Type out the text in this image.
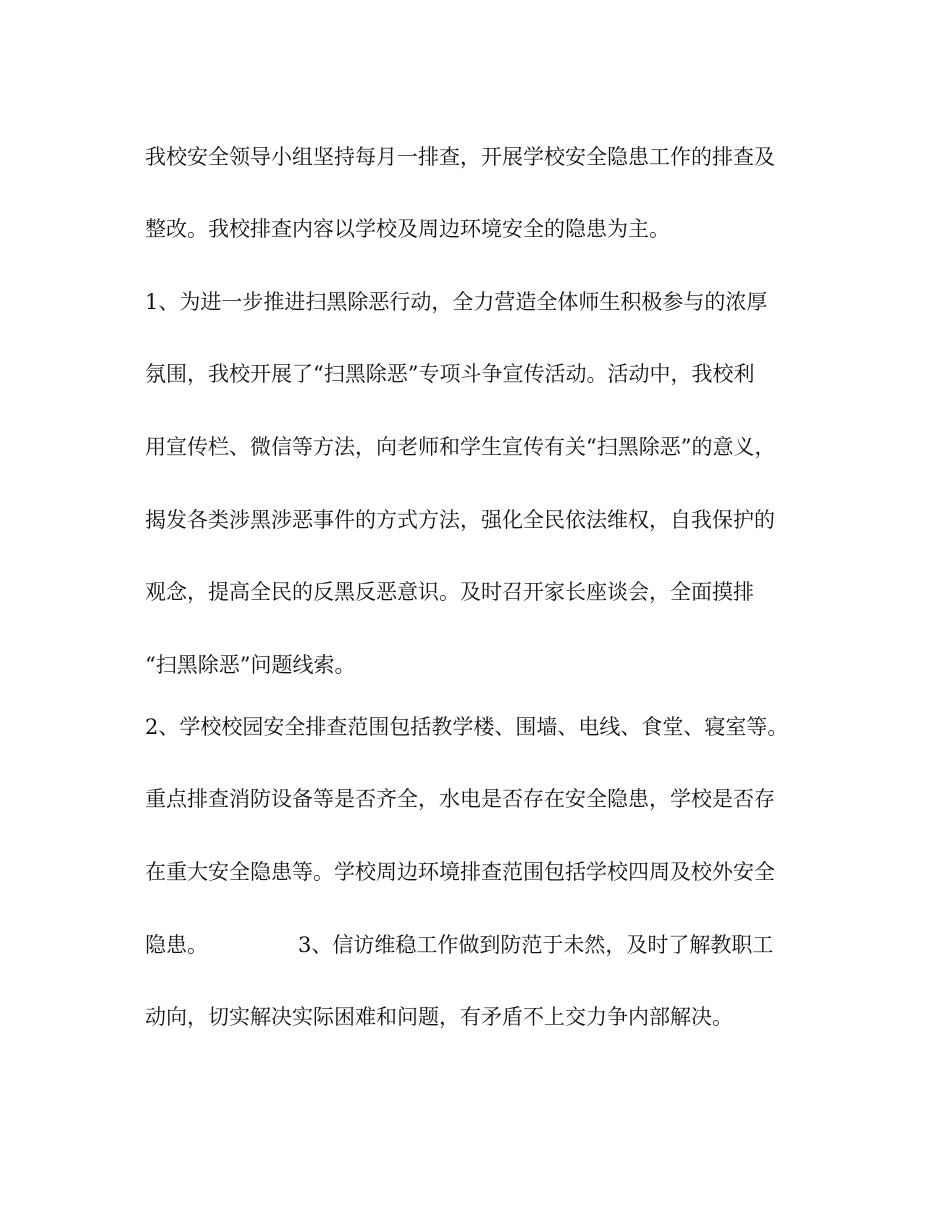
我校安全领导小组坚持每月一排查，开展学校安全隐患工作的排查及
整改。我校排查内容以学校及周边环境安全的隐患为主。
1、为进一步推进扫黑除恶行动，全力营造全体师生积极参与的浓厚
氛围，我校开展了“扫黑除恶”专项斗争宣传活动。活动中，我校利
用宣传栏、微信等方法，向老师和学生宣传有关“扫黑除恶”的意义，
揭发各类涉黑涉恶事件的方式方法，强化全民依法维权，自我保护的
观念，提高全民的反黑反恶意识。及时召开家长座谈会，全面摸排
“扫黑除恶”问题线索。
2、学校校园安全排查范围包括教学楼、围墙、电线、食堂、寝室等。
重点排查消防设备等是否齐全，水电是否存在安全隐患，学校是否存
在重大安全隐患等。学校周边环境排查范围包括学校四周及校外安全
隐患。	3、信访维稳工作做到防范于未然，及时了解教职工
动向，切实解决实际困难和问题，有矛盾不上交力争内部解决。
